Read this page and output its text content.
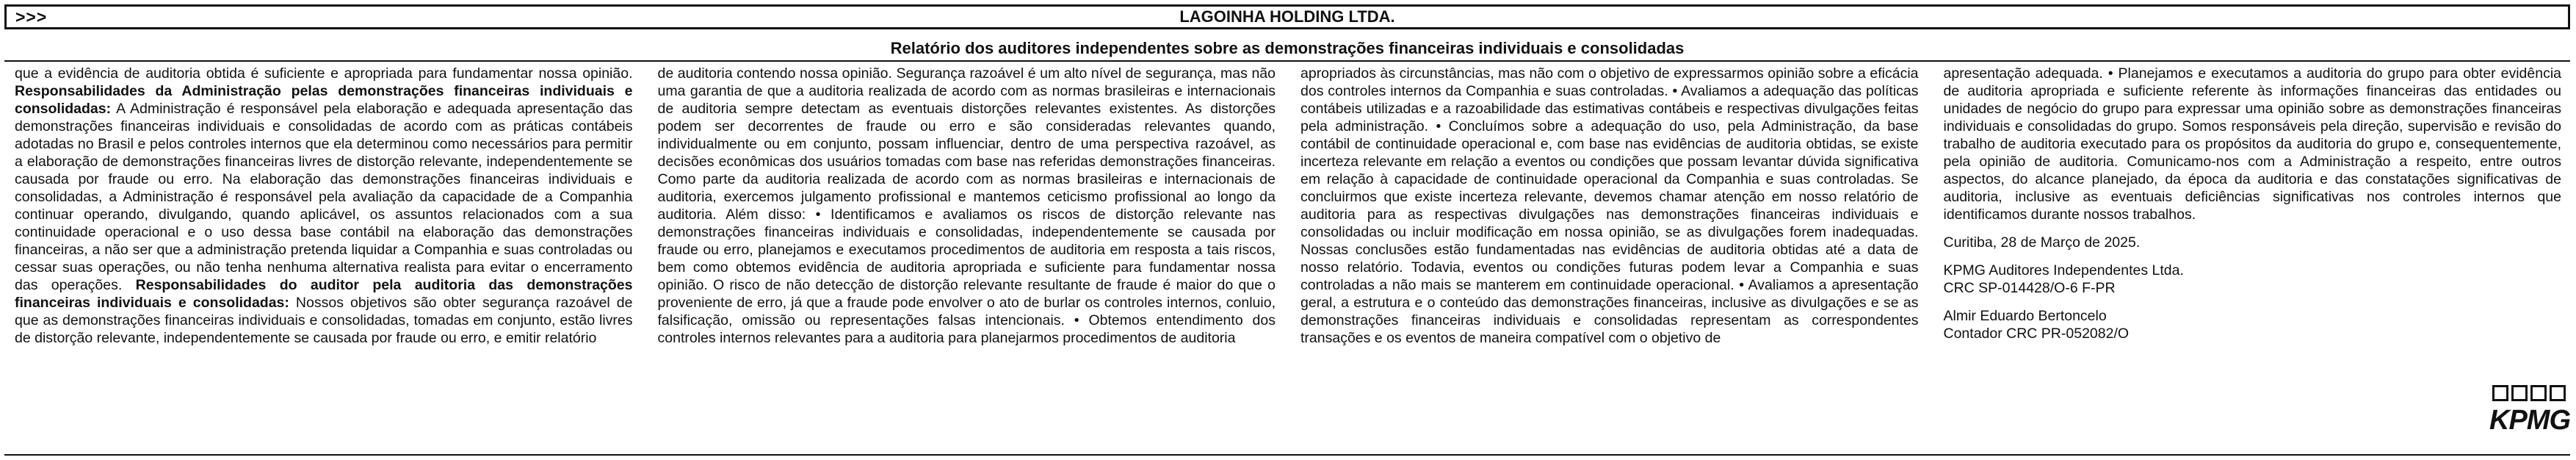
>>>	LAGOINHA HOLDING LTDA.
Relatório dos auditores independentes sobre as demonstrações financeiras individuais e consolidadas

que a evidência de auditoria obtida é suficiente e apropriada para fundamentar nossa opinião. Responsabilidades da Administração pelas demonstrações financeiras individuais e consolidadas: A Administração é responsável pela elaboração e adequada apresentação das demonstrações financeiras individuais e consolidadas de acordo com as práticas contábeis adotadas no Brasil e pelos controles internos que ela determinou como necessários para permitir a elaboração de demonstrações financeiras livres de distorção relevante, independentemente se causada por fraude ou erro. Na elaboração das demonstrações financeiras individuais e consolidadas, a Administração é responsável pela avaliação da capacidade de a Companhia continuar operando, divulgando, quando aplicável, os assuntos relacionados com a sua continuidade operacional e o uso dessa base contábil na elaboração das demonstrações financeiras, a não ser que a administração pretenda liquidar a Companhia e suas controladas ou cessar suas operações, ou não tenha nenhuma alternativa realista para evitar o encerramento das operações. Responsabilidades do auditor pela auditoria das demonstrações financeiras individuais e consolidadas: Nossos objetivos são obter segurança razoável de que as demonstrações financeiras individuais e consolidadas, tomadas em conjunto, estão livres de distorção relevante, independentemente se causada por fraude ou erro, e emitir relatório

de auditoria contendo nossa opinião. Segurança razoável é um alto nível de segurança, mas não uma garantia de que a auditoria realizada de acordo com as normas brasileiras e internacionais de auditoria sempre detectam as eventuais distorções relevantes existentes. As distorções podem ser decorrentes de fraude ou erro e são consideradas relevantes quando, individualmente ou em conjunto, possam influenciar, dentro de uma perspectiva razoável, as decisões econômicas dos usuários tomadas com base nas referidas demonstrações financeiras. Como parte da auditoria realizada de acordo com as normas brasileiras e internacionais de auditoria, exercemos julgamento profissional e mantemos ceticismo profissional ao longo da auditoria. Além disso: • Identificamos e avaliamos os riscos de distorção relevante nas demonstrações financeiras individuais e consolidadas, independentemente se causada por fraude ou erro, planejamos e executamos procedimentos de auditoria em resposta a tais riscos, bem como obtemos evidência de auditoria apropriada e suficiente para fundamentar nossa opinião. O risco de não detecção de distorção relevante resultante de fraude é maior do que o proveniente de erro, já que a fraude pode envolver o ato de burlar os controles internos, conluio, falsificação, omissão ou representações falsas intencionais. • Obtemos entendimento dos controles internos relevantes para a auditoria para planejarmos procedimentos de auditoria

apropriados às circunstâncias, mas não com o objetivo de expressarmos opinião sobre a eficácia dos controles internos da Companhia e suas controladas. • Avaliamos a adequação das políticas contábeis utilizadas e a razoabilidade das estimativas contábeis e respectivas divulgações feitas pela administração. • Concluímos sobre a adequação do uso, pela Administração, da base contábil de continuidade operacional e, com base nas evidências de auditoria obtidas, se existe incerteza relevante em relação a eventos ou condições que possam levantar dúvida significativa em relação à capacidade de continuidade operacional da Companhia e suas controladas. Se concluirmos que existe incerteza relevante, devemos chamar atenção em nosso relatório de auditoria para as respectivas divulgações nas demonstrações financeiras individuais e consolidadas ou incluir modificação em nossa opinião, se as divulgações forem inadequadas. Nossas conclusões estão fundamentadas nas evidências de auditoria obtidas até a data de nosso relatório. Todavia, eventos ou condições futuras podem levar a Companhia e suas controladas a não mais se manterem em continuidade operacional. • Avaliamos a apresentação geral, a estrutura e o conteúdo das demonstrações financeiras, inclusive as divulgações e se as demonstrações financeiras individuais e consolidadas representam as correspondentes transações e os eventos de maneira compatível com o objetivo de

apresentação adequada. • Planejamos e executamos a auditoria do grupo para obter evidência de auditoria apropriada e suficiente referente às informações financeiras das entidades ou unidades de negócio do grupo para expressar uma opinião sobre as demonstrações financeiras individuais e consolidadas do grupo. Somos responsáveis pela direção, supervisão e revisão do trabalho de auditoria executado para os propósitos da auditoria do grupo e, consequentemente, pela opinião de auditoria. Comunicamo-nos com a Administração a respeito, entre outros aspectos, do alcance planejado, da época da auditoria e das constatações significativas de auditoria, inclusive as eventuais deficiências significativas nos controles internos que identificamos durante nossos trabalhos.

Curitiba, 28 de Março de 2025.

KPMG Auditores Independentes Ltda.

CRC SP-014428/O-6 F-PR

Almir Eduardo Bertoncelo

Contador CRC PR-052082/O

KPMG
